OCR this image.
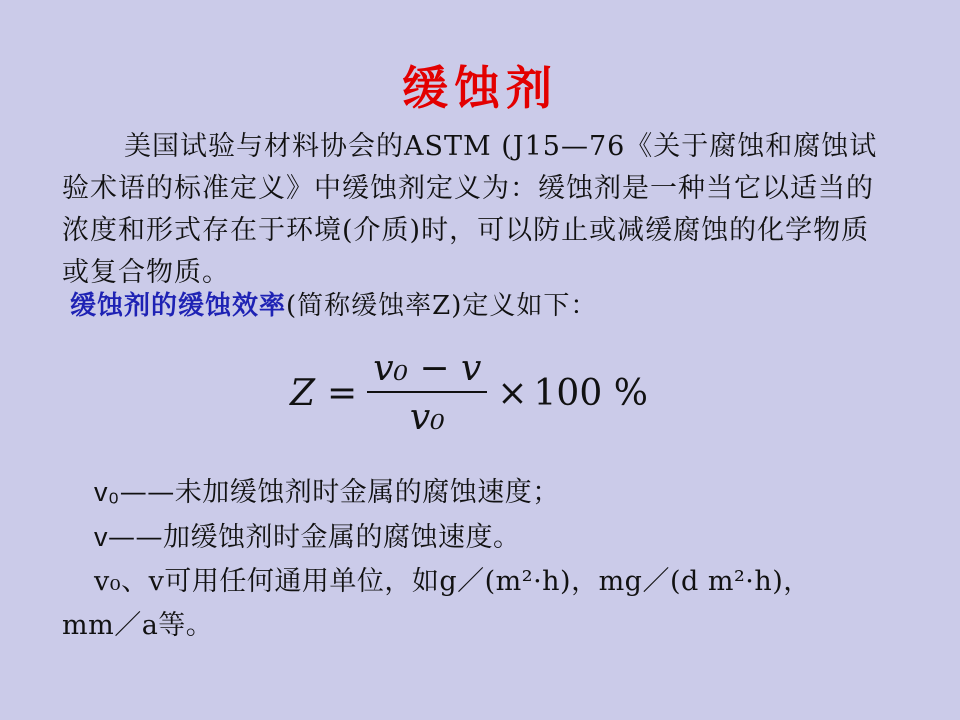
缓蚀剂
美国试验与材料协会的ASTM (J15—76《关于腐蚀和腐蚀试验术语的标准定义》中缓蚀剂定义为：缓蚀剂是一种当它以适当的浓度和形式存在于环境(介质)时，可以防止或减缓腐蚀的化学物质或复合物质。
缓蚀剂的缓蚀效率(简称缓蚀率Z)定义如下：
$Z = \frac{\text{v₀ − v}}{\text{v₀}} \times 100$ %
v₀——未加缓蚀剂时金属的腐蚀速度；
v——加缓蚀剂时金属的腐蚀速度。
v₀、v可用任何通用单位，如g／(m²·h)，mg／(d m²·h)，
mm／a等。
